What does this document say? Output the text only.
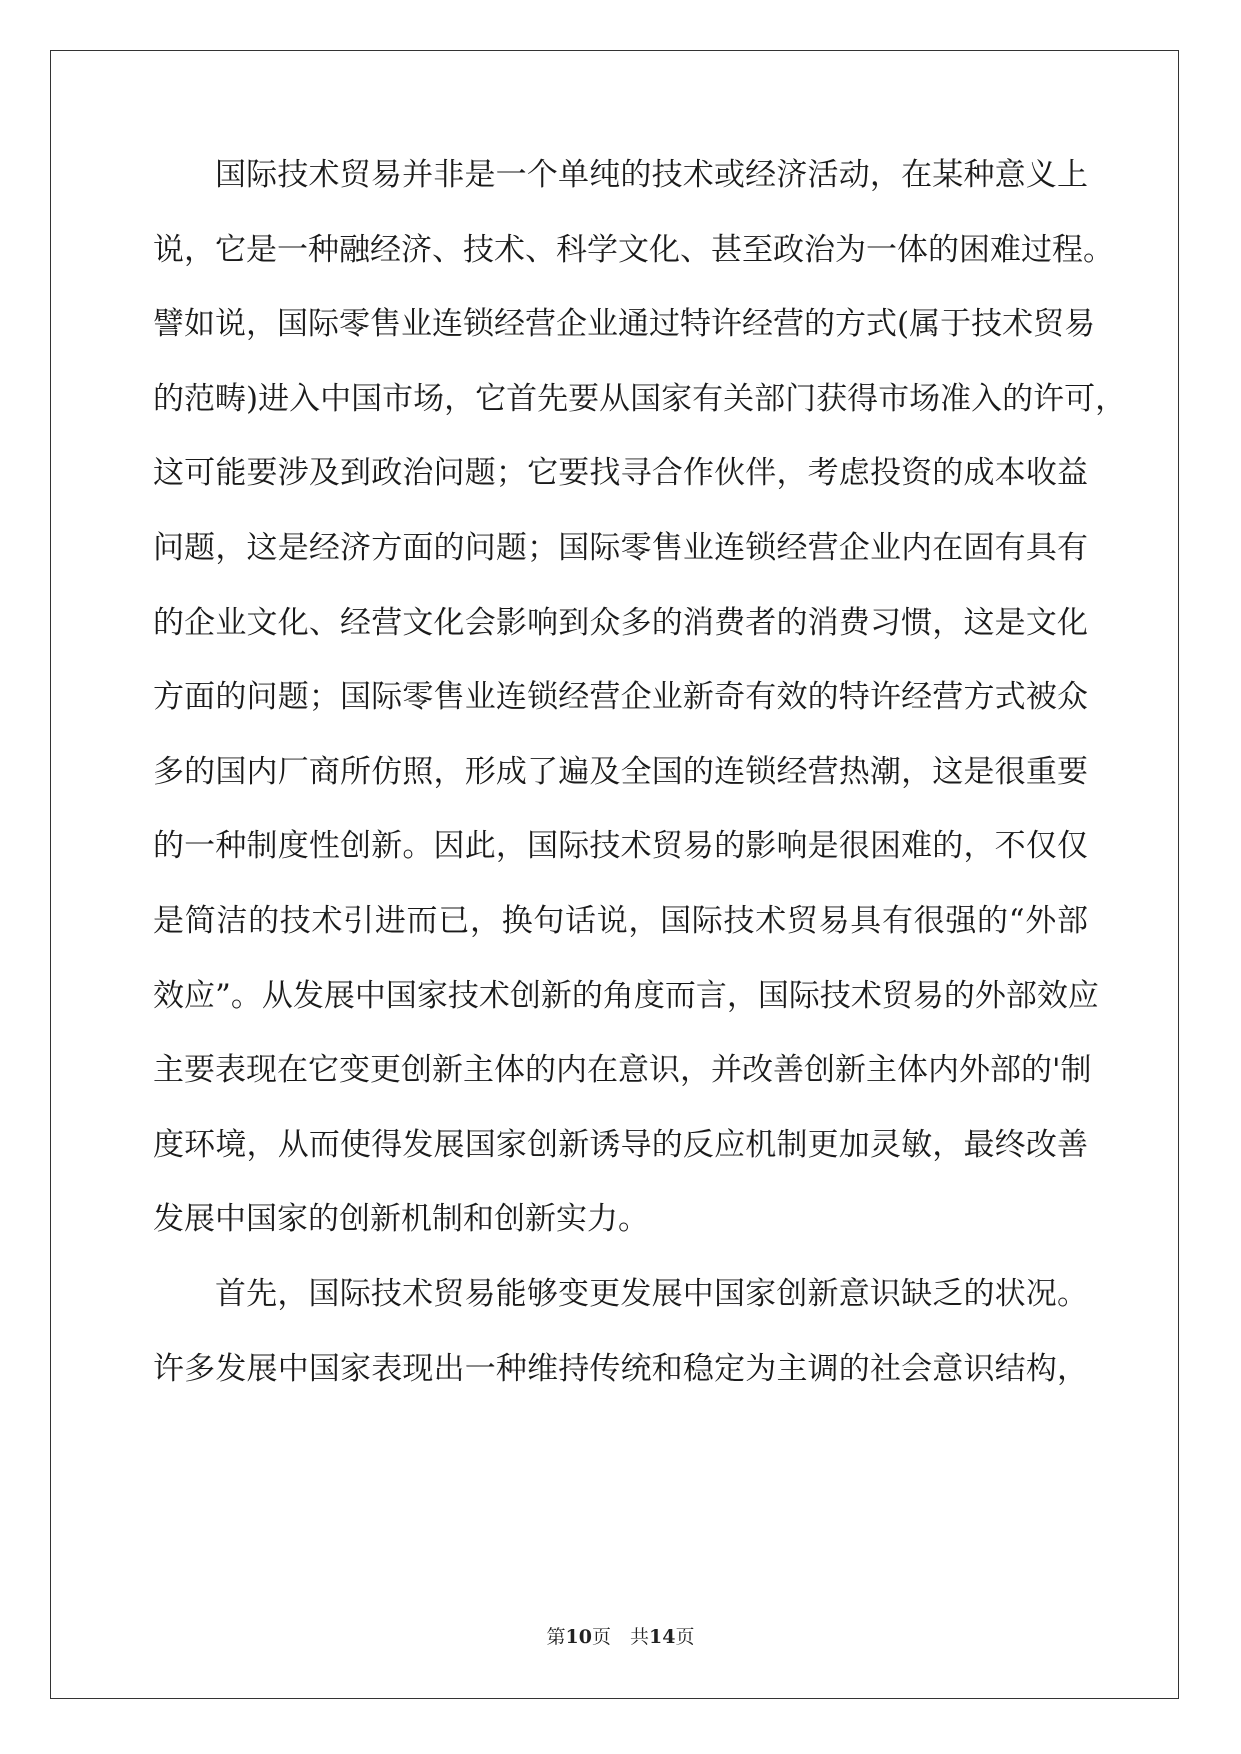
国际技术贸易并非是一个单纯的技术或经济活动，在某种意义上
说，它是一种融经济、技术、科学文化、甚至政治为一体的困难过程。
譬如说，国际零售业连锁经营企业通过特许经营的方式(属于技术贸易
的范畴)进入中国市场，它首先要从国家有关部门获得市场准入的许可，
这可能要涉及到政治问题；它要找寻合作伙伴，考虑投资的成本收益
问题，这是经济方面的问题；国际零售业连锁经营企业内在固有具有
的企业文化、经营文化会影响到众多的消费者的消费习惯，这是文化
方面的问题；国际零售业连锁经营企业新奇有效的特许经营方式被众
多的国内厂商所仿照，形成了遍及全国的连锁经营热潮，这是很重要
的一种制度性创新。因此，国际技术贸易的影响是很困难的，不仅仅
是简洁的技术引进而已，换句话说，国际技术贸易具有很强的“外部
效应”。从发展中国家技术创新的角度而言，国际技术贸易的外部效应
主要表现在它变更创新主体的内在意识，并改善创新主体内外部的'制
度环境，从而使得发展国家创新诱导的反应机制更加灵敏，最终改善
发展中国家的创新机制和创新实力。
首先，国际技术贸易能够变更发展中国家创新意识缺乏的状况。
许多发展中国家表现出一种维持传统和稳定为主调的社会意识结构，
第10页　共14页
